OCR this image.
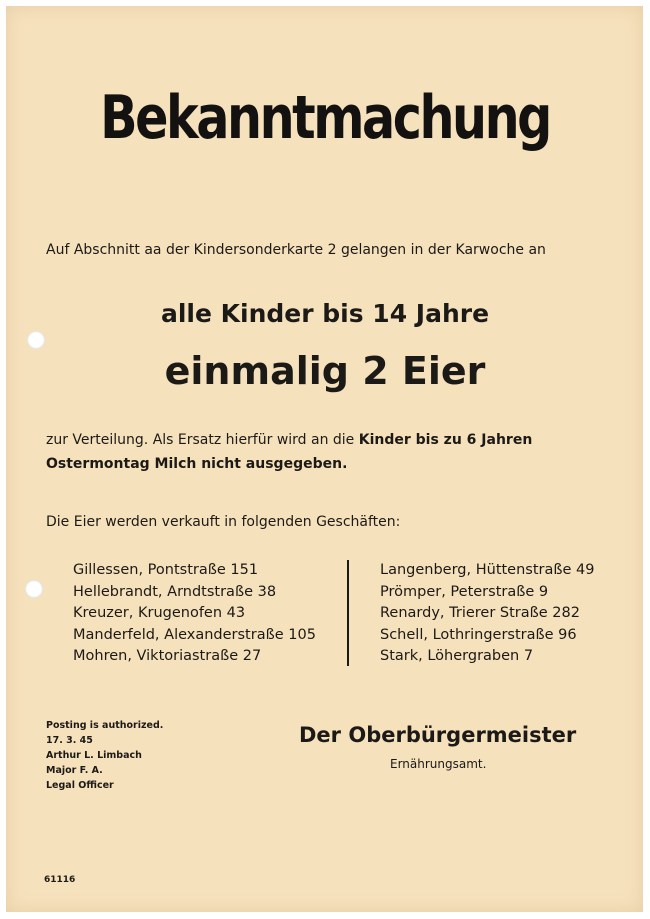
Bekanntmachung
Auf Abschnitt aa der Kindersonderkarte 2 gelangen in der Karwoche an
alle Kinder bis 14 Jahre
einmalig 2 Eier
zur Verteilung. Als Ersatz hierfür wird an die Kinder bis zu 6 Jahren Ostermontag Milch nicht ausgegeben.
Die Eier werden verkauft in folgenden Geschäften:
Gillessen, Pontstraße 151
Hellebrandt, Arndtstraße 38
Kreuzer, Krugenofen 43
Manderfeld, Alexanderstraße 105
Mohren, Viktoriastraße 27
Langenberg, Hüttenstraße 49
Prömper, Peterstraße 9
Renardy, Trierer Straße 282
Schell, Lothringerstraße 96
Stark, Löhergraben 7
Posting is authorized.
17. 3. 45
Arthur L. Limbach
Major F. A.
Legal Officer
Der Oberbürgermeister
Ernährungsamt.
61116
